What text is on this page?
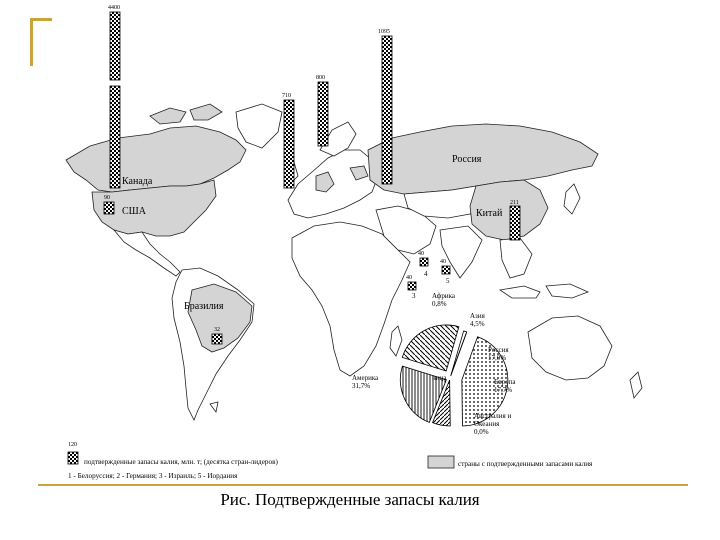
4400
90
710
800
1095
211
40
40
40
32
4
5
3
Канада
США
Россия
Китай
Бразилия
Африка 0,8%
Азия 4,5%
Россия 17,0%
Европа 17,7%
Америка 31,7%
Австралия и Океания 0,0%
ница
120
подтвержденные запасы калия, млн. т; (десятка стран-лидеров)	страны с подтвержденными запасами калия
1 - Белоруссия; 2 - Германия; 3 - Израиль; 5 - Иордания
Рис. Подтвержденные запасы калия
